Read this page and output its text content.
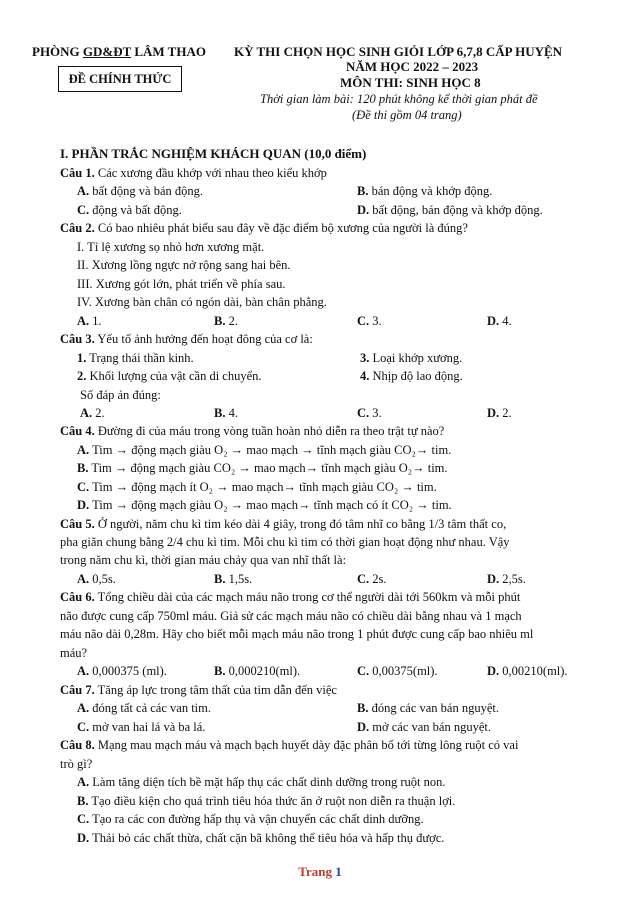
PHÒNG GD&ĐT LÂM THAO
ĐỀ CHÍNH THỨC
KỲ THI CHỌN HỌC SINH GIỎI LỚP 6,7,8 CẤP HUYỆN
NĂM HỌC 2022 – 2023
MÔN THI: SINH HỌC 8
Thời gian làm bài: 120 phút không kể thời gian phát đề
(Đề thi gồm 04 trang)
I. PHẦN TRẮC NGHIỆM KHÁCH QUAN (10,0 điểm)
Câu 1. Các xương đầu khớp với nhau theo kiểu khớp
A. bất động và bán động.	B. bán động và khớp động.
C. động và bất động.	D. bất động, bán động và khớp động.
Câu 2. Có bao nhiêu phát biểu sau đây về đặc điểm bộ xương của người là đúng?
I. Tỉ lệ xương sọ nhỏ hơn xương mặt.
II. Xương lồng ngực nở rộng sang hai bên.
III. Xương gót lớn, phát triển về phía sau.
IV. Xương bàn chân có ngón dài, bàn chân phẳng.
A. 1.	B. 2.	C. 3.	D. 4.
Câu 3. Yếu tố ảnh hưởng đến hoạt đông của cơ là:
1. Trạng thái thần kinh.	3. Loại khớp xương.
2. Khối lượng của vật cần di chuyển.	4. Nhịp độ lao động.
Số đáp án đúng:
A. 2.	B. 4.	C. 3.	D. 2.
Câu 4. Đường đi của máu trong vòng tuần hoàn nhỏ diễn ra theo trật tự nào?
A. Tim → động mạch giàu O₂ → mao mạch → tĩnh mạch giàu CO₂→ tim.
B. Tim → động mạch giàu CO₂ → mao mạch→ tĩnh mạch giàu O₂→ tim.
C. Tim → động mạch ít O₂ → mao mạch→ tĩnh mạch giàu CO₂ → tim.
D. Tim → động mạch giàu O₂ → mao mạch→ tĩnh mạch có ít CO₂ → tim.
Câu 5. Ở người, năm chu kì tim kéo dài 4 giây, trong đó tâm nhĩ co bằng 1/3 tâm thất co,
pha giãn chung bằng 2/4 chu kì tim. Mỗi chu kì tim có thời gian hoạt động như nhau. Vậy
trong năm chu kì, thời gian máu chảy qua van nhĩ thất là:
A. 0,5s.	B. 1,5s.	C. 2s.	D. 2,5s.
Câu 6. Tổng chiều dài của các mạch máu não trong cơ thể người dài tới 560km và mỗi phút
não được cung cấp 750ml máu. Giả sử các mạch máu não có chiều dài bằng nhau và 1 mạch
máu não dài 0,28m. Hãy cho biết mỗi mạch máu não trong 1 phút được cung cấp bao nhiêu ml
máu?
A. 0,000375 (ml).	B. 0,000210(ml).	C. 0,00375(ml).	D. 0,00210(ml).
Câu 7. Tăng áp lực trong tâm thất của tim dẫn đến việc
A. đóng tất cả các van tim.	B. đóng các van bán nguyệt.
C. mở van hai lá và ba lá.	D. mở các van bán nguyệt.
Câu 8. Mạng mau mạch máu và mạch bạch huyết dày đặc phân bố tới từng lông ruột có vai
trò gì?
A. Làm tăng diện tích bề mặt hấp thụ các chất dinh dưỡng trong ruột non.
B. Tạo điều kiện cho quá trình tiêu hóa thức ăn ở ruột non diễn ra thuận lợi.
C. Tạo ra các con đường hấp thụ và vận chuyển các chất dinh dưỡng.
D. Thải bỏ các chất thừa, chất cặn bã không thể tiêu hóa và hấp thụ được.
Trang 1
